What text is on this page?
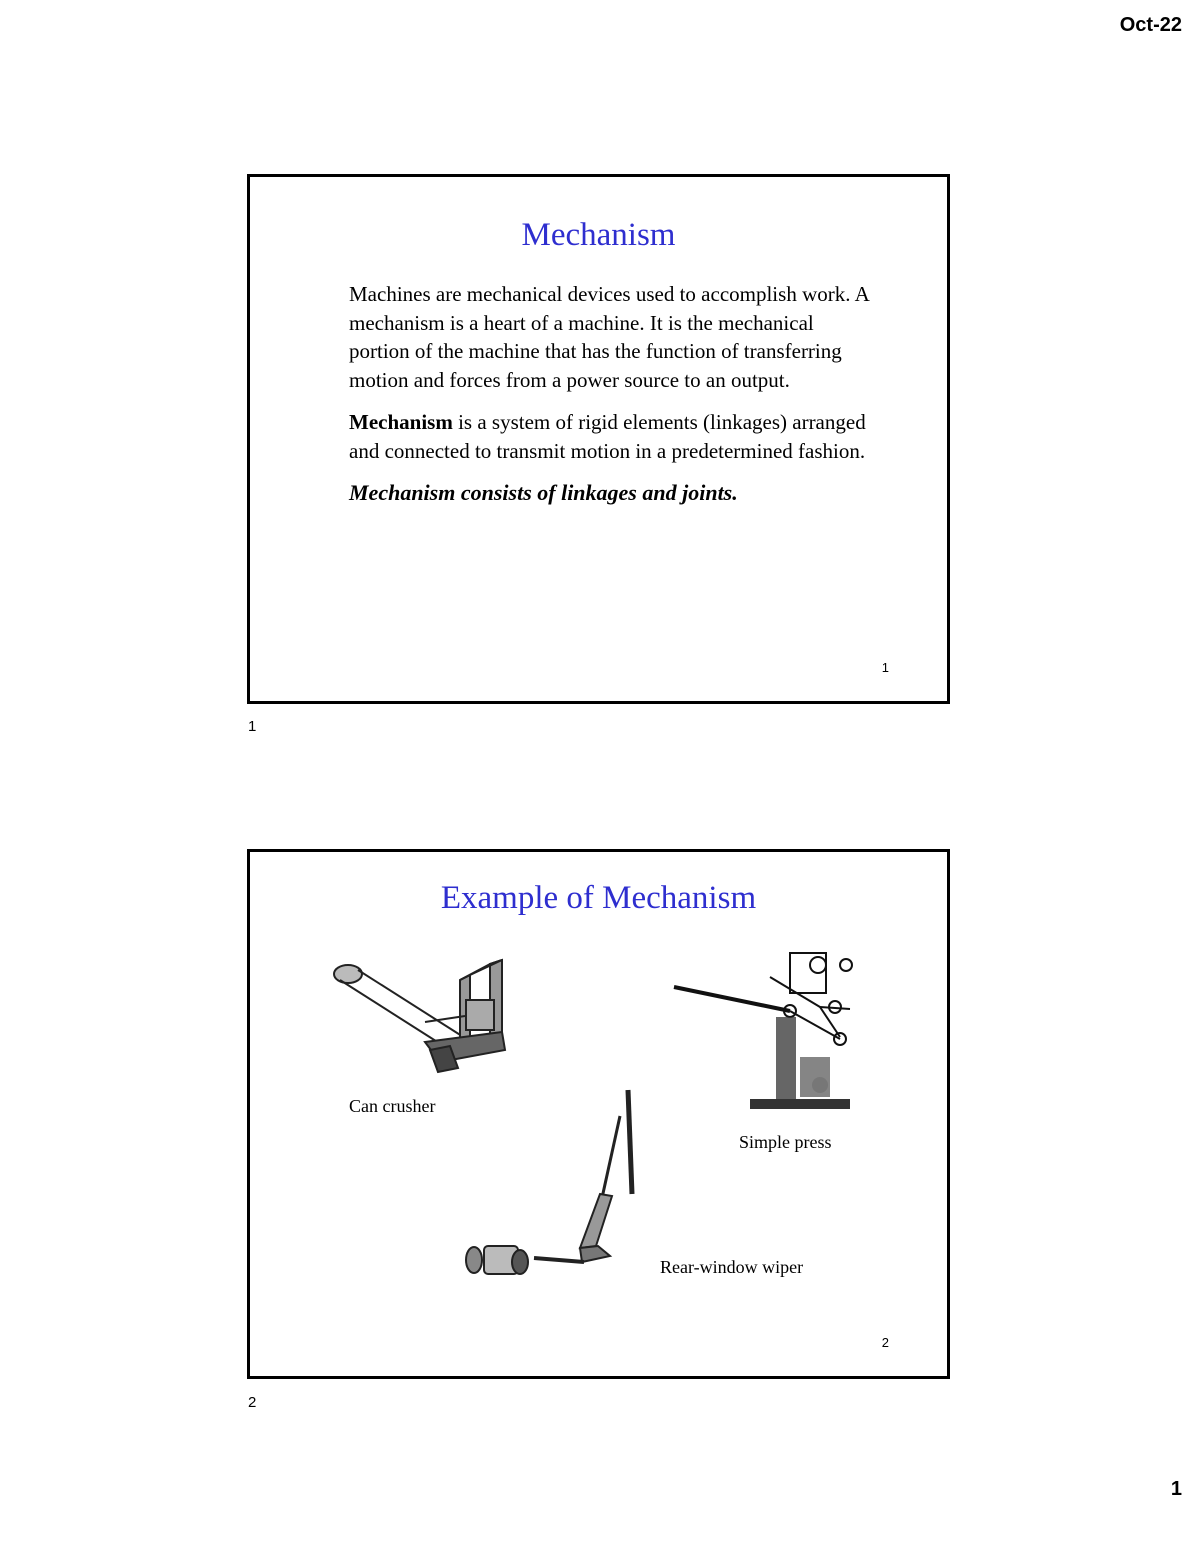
Oct-22
Mechanism

Machines are mechanical devices used to accomplish work. A mechanism is a heart of a machine. It is the mechanical portion of the machine that has the function of transferring motion and forces from a power source to an output.

Mechanism is a system of rigid elements (linkages) arranged and connected to transmit motion in a predetermined fashion.

Mechanism consists of linkages and joints.

1
1
Example of Mechanism
Can crusher
Simple press
Rear-window wiper
2
2
1
